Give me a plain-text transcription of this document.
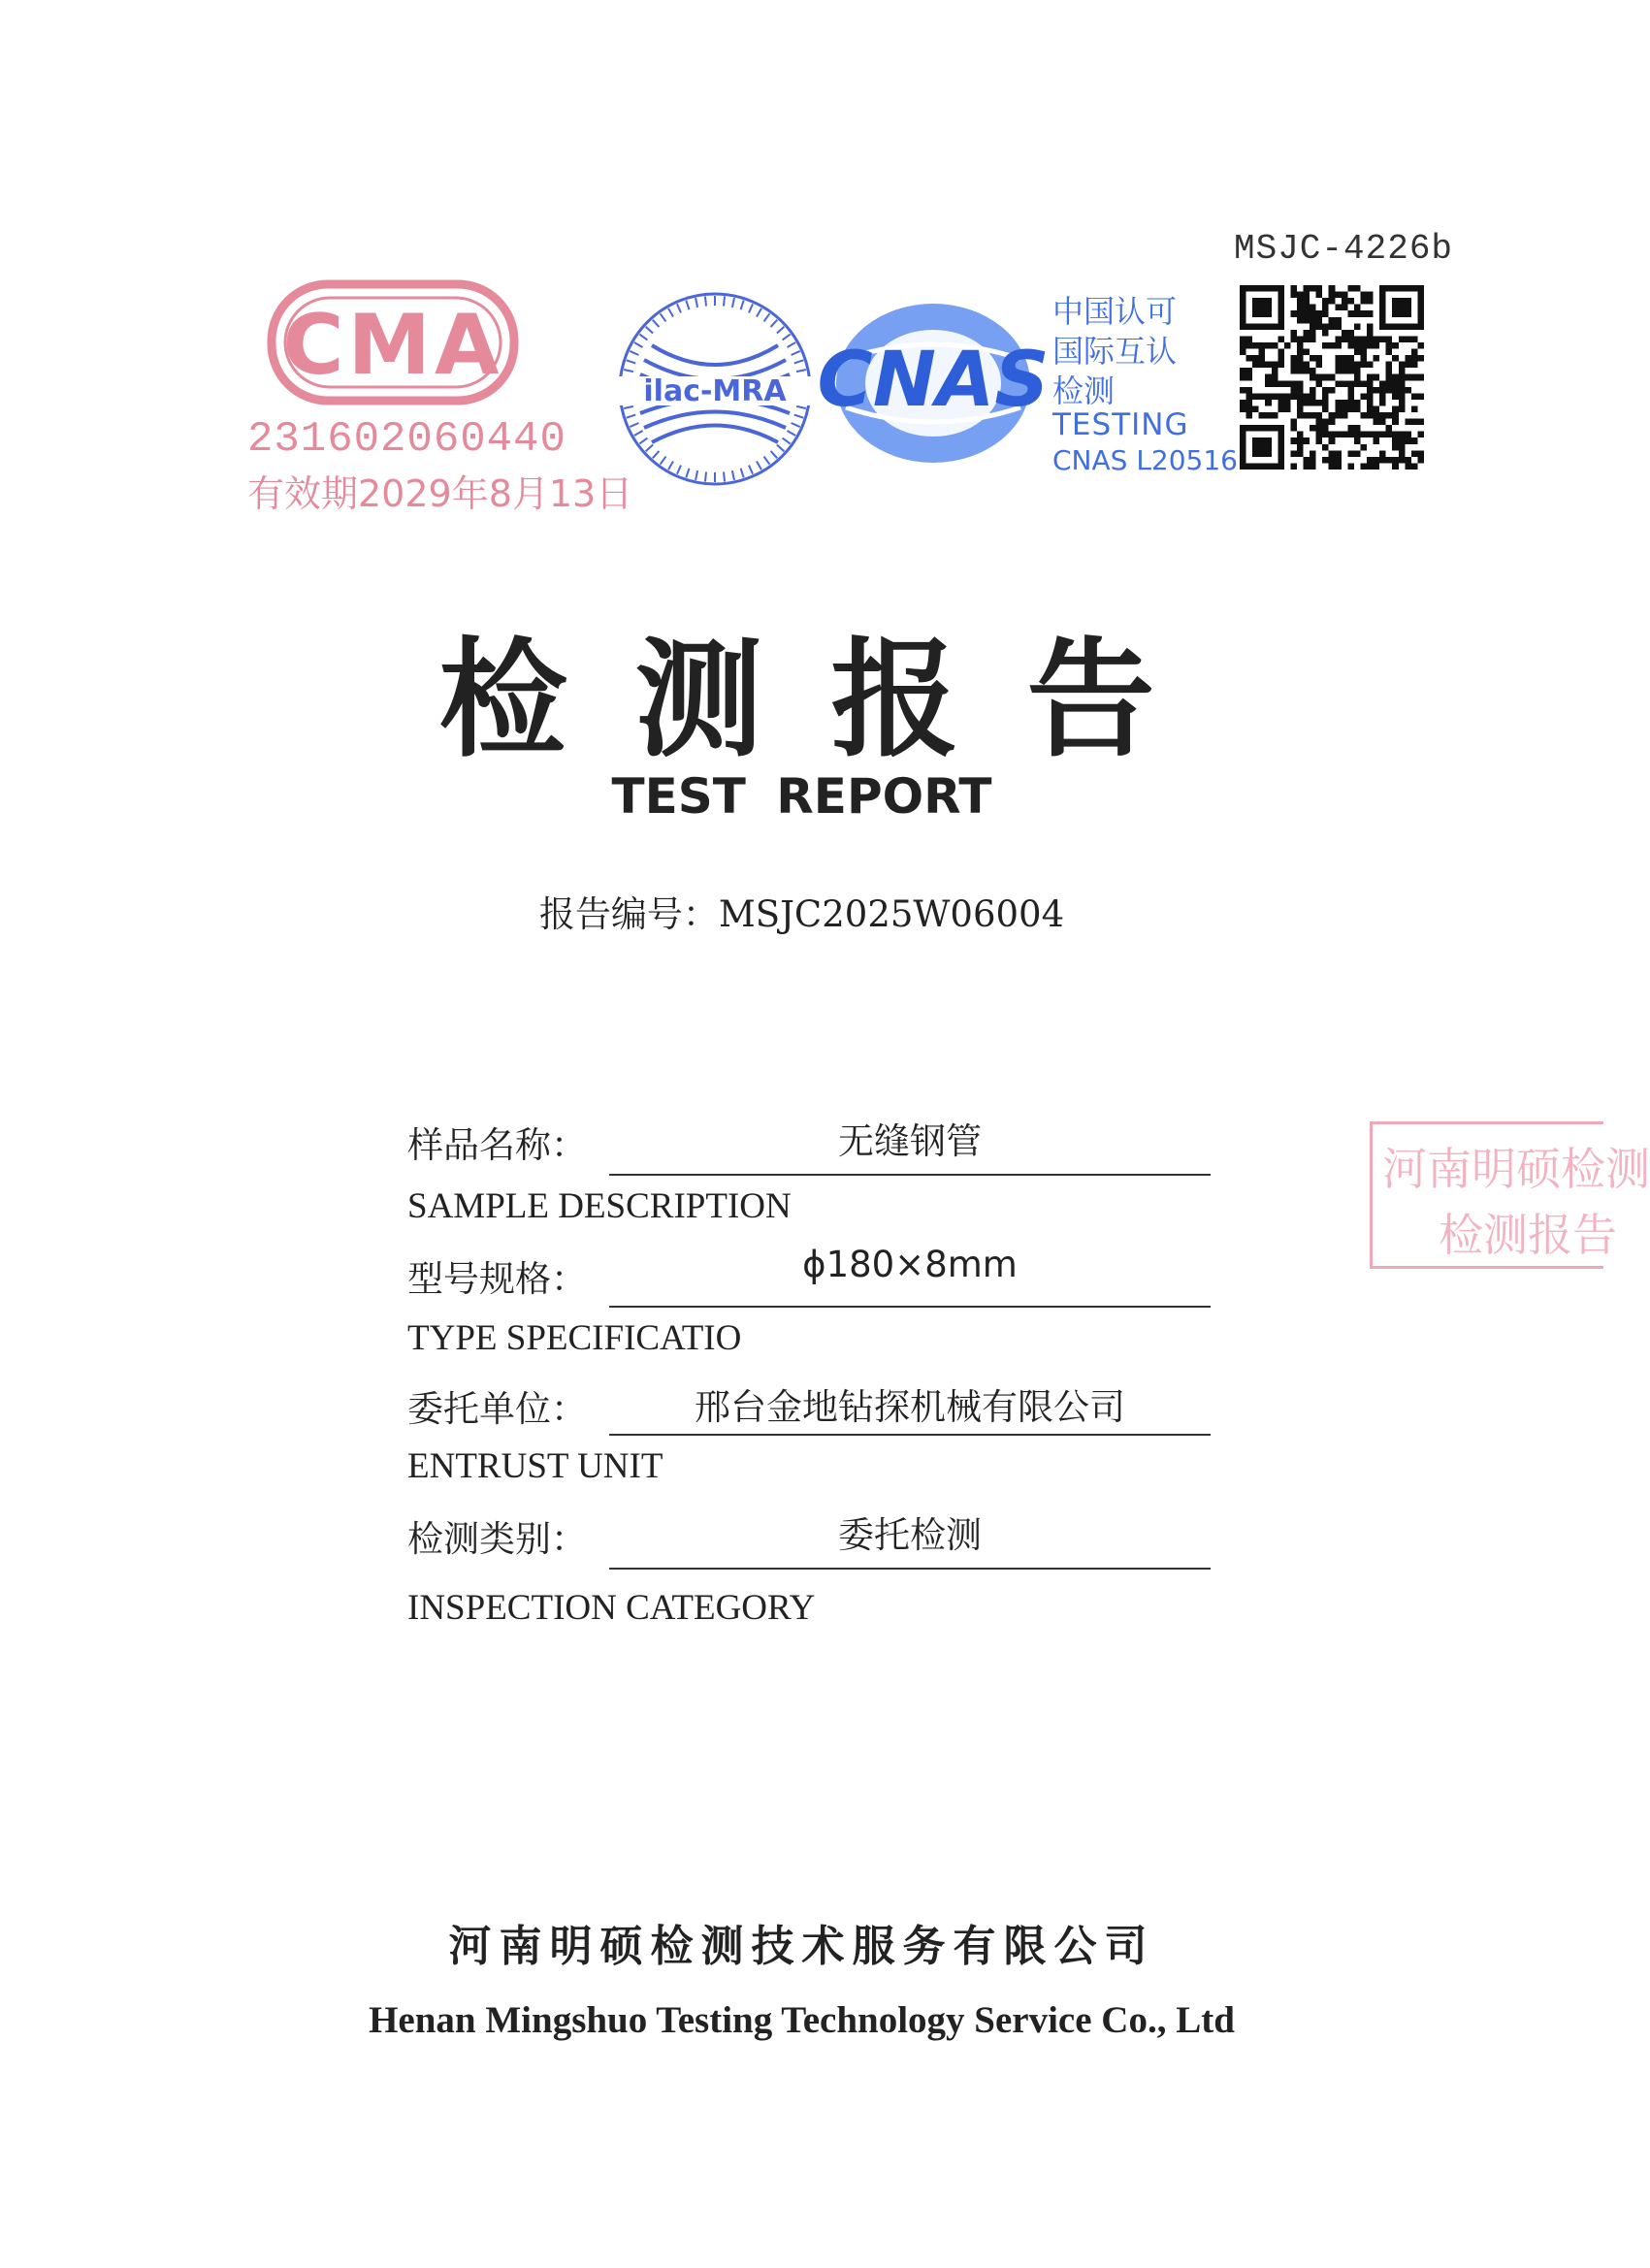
MSJC-4226b
CMA
231602060440
有效期2029年8月13日
ilac-MRA CNAS
中国认可
国际互认
检测
TESTING
CNAS L20516
检测报告
TEST REPORT
报告编号：MSJC2025W06004
样品名称：	无缝钢管
SAMPLE DESCRIPTION
型号规格：	ϕ180×8mm
TYPE SPECIFICATIO
委托单位：	邢台金地钻探机械有限公司
ENTRUST UNIT
检测类别：	委托检测
INSPECTION CATEGORY
河南明硕检测
检测报告
河南明硕检测技术服务有限公司
Henan Mingshuo Testing Technology Service Co., Ltd
